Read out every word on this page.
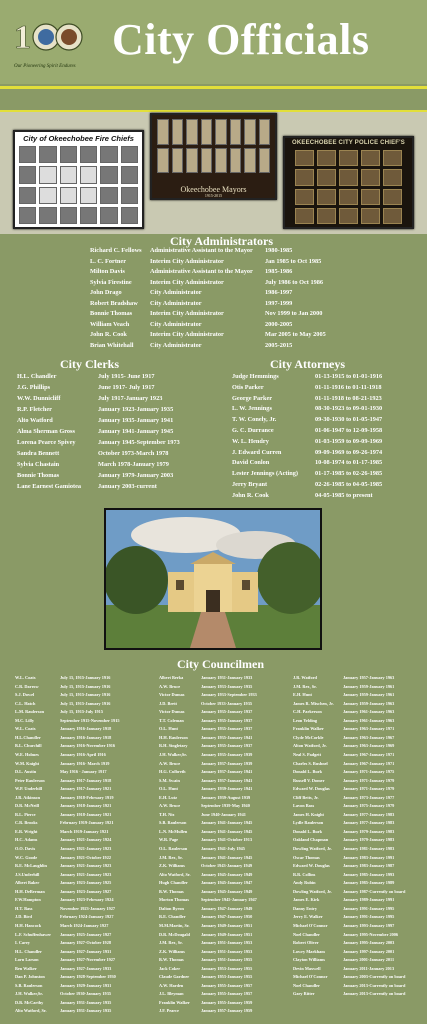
1
Our Pioneering Spirit Endures
City Officials
City of Okeechobee Fire Chiefs
Okeechobee Mayors
1915-2015
OKEECHOBEE CITY POLICE CHIEF'S
City Administrators
City Clerks	City Attorneys
City Councilmen
Richard C. Fellows Administrative Assistant to the Mayor 1980-1985
L. C. Fortner	Interim City Administrator	Jan 1985 to Oct 1985
Milton Davis	Administrative Assistant to the Mayor 1985-1986
Sylvia Firestine	Interim City Administrator	July 1986 to Oct 1986
John Drago	City Administrator	1986-1997
Robert Bradshaw City Administrator	1997-1999
Bonnie Thomas	Interim City Administrator	Nov 1999 to Jan 2000
William Veach	City Administrator	2000-2005
John R. Cook	Interim City Administrator	Mar 2005 to May 2005
Brian Whitehall	City Administrator	2005-2015
H.L. Chandler	July 1915- June 1917
J.G. Phillips	June 1917- July 1917
W.W. Dunnicliff	July 1917-January 1923
R.P. Fletcher	January 1923-January 1935
Alto Watford	January 1935-January 1941
Alma Sherman Gross	January 1941-January 1945
Lorena Pearce Spivey	January 1945-September 1973
Sandra Bennett	October 1973-March 1978
Sylvia Chastain	March 1978-January 1979
Bonnie Thomas	January 1979-January 2003
Lane Earnest Gamiotea	January 2003-current
Judge Hemmings	01-13-1915 to 01-01-1916
Otis Parker	01-11-1916 to 01-11-1918
George Parker	01-11-1918 to 08-21-1923
L. W. Jennings	08-30-1923 to 09-01-1930
T. W. Conely, Jr.	09-30-1930 to 01-05-1947
G. C. Durrance	01-06-1947 to 12-09-1958
W. L. Hendry	01-03-1959 to 09-09-1969
J. Edward Curren	09-09-1969 to 09-26-1974
David Conlon	10-08-1974 to 01-17-1985
Lester Jennings (Acting)	01-17-1985 to 02-26-1985
Jerry Bryant	02-26-1985 to 04-05-1985
John R. Cook	04-05-1985 to present
W.L. Coats	July 15, 1915-January 1916
C.R. Darrow	July 15, 1915-January 1916
S.J. Dowel	July 15, 1915-January 1916
C.L. Hatch	July 15, 1915-January 1916
L.M. Raulerson	July 15, 1915-July 1915
M.C. Lilly	September 1915-November 1915
W.L. Coats	January 1916-January 1918
H.L.Chandler	January 1916-January 1918
B.L. Churchill	January 1916-November 1916
W.E. Holmes	January 1916-April 1916
W.M. Knight	January 1916- March 1919
D.L. Austin	May 1916 - January 1917
Peter Raulerson	January 1917-January 1918
W.P. Underhill	January 1917-January 1921
J.R. Atkinson	January 1918-February 1919
D.R. McNeill	January 1918-January 1921
R.L. Pierce	January 1918-January 1921
C.R. Brooks	February 1919-January 1921
E.R. Wright	March 1919-January 1921
H.C. Adams	January 1921-January 1924
O.O. Davis	January 1921-January 1923
W.C. Goode	January 1921-October 1922
R.E. McLaughlin	January 1921-January 1923
J.S.Underhill	January 1921-January 1923
Albert Baker	January 1923-January 1925
H.H. DeBerman	January 1923-January 1927
F.W.Hampton	January 1923-February 1924
H.T. Bass	November 1923-January 1927
J.D. Bird	February 1924-January 1927
H.H. Hancock	March 1924-January 1927
L.F. Schuffenhawer January 1925-January 1927
I. Carey	January 1927-October 1928
H.L. Chandler	January 1927-January 1931
Lorn Larson	January 1927-November 1927
Ben Walker	January 1927-January 1933
Dan P. Johnston	January 1928-September 1930
S.B. Raulerson	January 1929-January 1931
J.H. Walker,Sr.	October 1930-January 1935
D.B. McCarthy	January 1931-January 1935
Alto Watford, Sr.	January 1931-January 1935
Albert Berka	January 1931-January 1933
A.W. Bruce	January 1933-January 1935
Victor Dumas	January 1933-September 1933
J.D. Brett	October 1933-January 1935
Victor Dumas	January 1935-January 1937
T.T. Coleman	January 1935-January 1937
O.L. Hunt	January 1935-January 1937
H.H. Raulerson	January 1935-January 1941
R.H. Singletary	January 1935-January 1937
J.H. Walker,Sr.	January 1935-January 1939
A.W. Bruce	January 1937-January 1939
H.G. Culbreth	January 1937-January 1941
S.M. Swain	January 1937-January 1941
O.L. Hunt	January 1939-January 1941
E.H. Lutz	January 1939-August 1939
A.W. Bruce	September 1939-May 1940
T.H. Nix	June 1940-January 1941
S.B. Raulerson	January 1941-January 1945
L.N. McMullen	January 1941-January 1945
W.R. Page	January 1941-October 1913
O.L. Raulerson	January 1941-July 1945
J.M. Rex, Sr.	January 1941-January 1945
Z.K. Williams	October 1943-January 1949
Alto Watford, Sr. January 1945-January 1949
Hugh Chandler	January 1945-January 1947
B.W. Thomas	January 1945-January 1949
Morton Thomas	September 1945-January 1947
Dalton Byron	January 1947-January 1949
R.E. Chandler	January 1947-January 1950
M.M.Martin, Sr.	January 1949-January 1951
D.R. McDougald	January 1949-January 1951
J.M. Rex, Sr.	January 1951-January 1953
Z.K. Williams	January 1951-January 1953
B.W. Thomas	January 1951-January 1955
Jack Coker	January 1953-January 1955
Claude Gardner	January 1953-January 1955
A.W. Harden	January 1955-January 1957
J.L. Bleyman	January 1955-January 1957
Franklin Walker	January 1955-January 1959
J.F. Pearce	January 1957-January 1959
J.R. Watford	January 1957-January 1963
J.M. Rex, Sr.	January 1959-January 1961
E.H. Hunt	January 1959-January 1961
James R. Mixchen, Jr. January 1959-January 1963
C.H. Parkerson	January 1961-January 1963
Leon Yelding	January 1961-January 1963
Franklin Walker	January 1963-January 1971
Clyde McCorkle	January 1963-January 1967
Alton Watford, Jr.	January 1963-January 1969
Neal S. Padgett	January 1967-January 1971
Charles S. Bushnel	January 1967-January 1971
Donald L. Burk	January 1971-January 1975
Russell V. Domer	January 1971-January 1979
Edward W. Douglas	January 1971-January 1979
Cliff Betts, Jr.	January 1973-January 1977
Lavon Bass	January 1975-January 1979
James H. Knight	January 1977-January 1983
Lydle Raulerson	January 1977-January 1983
Donald L. Burk	January 1979-January 1983
Oakland Chapman	January 1979-January 1983
Dowling Watford, Jr.	January 1981-January 1983
Oscar Thomas	January 1983-January 1991
Edward W. Douglas	January 1983-January 1987
R.R. Collins	January 1985-January 1993
Andy Rubin	January 1985-January 1989
Dowling Watford, Jr.	January 1987-Currently on board
James E. Kirk	January 1989-January 1991
Danny Entry	January 1991-January 1995
Jerry E. Walker	January 1991-January 1995
Michael O'Connor	January 1993-January 1997
Noel Chandler	January 1995-November 2006
Robert Oliver	January 1995-January 2003
Lowry Markham	January 1997-January 2001
Clayton Williams	January 2001-January 2011
Devin Maxwell	January 2011-January 2013
Michael O'Connor	January 2003-Currently on board
Noel Chandler	January 2013-Currently on board
Gary Ritter	January 2013-Currently on board
